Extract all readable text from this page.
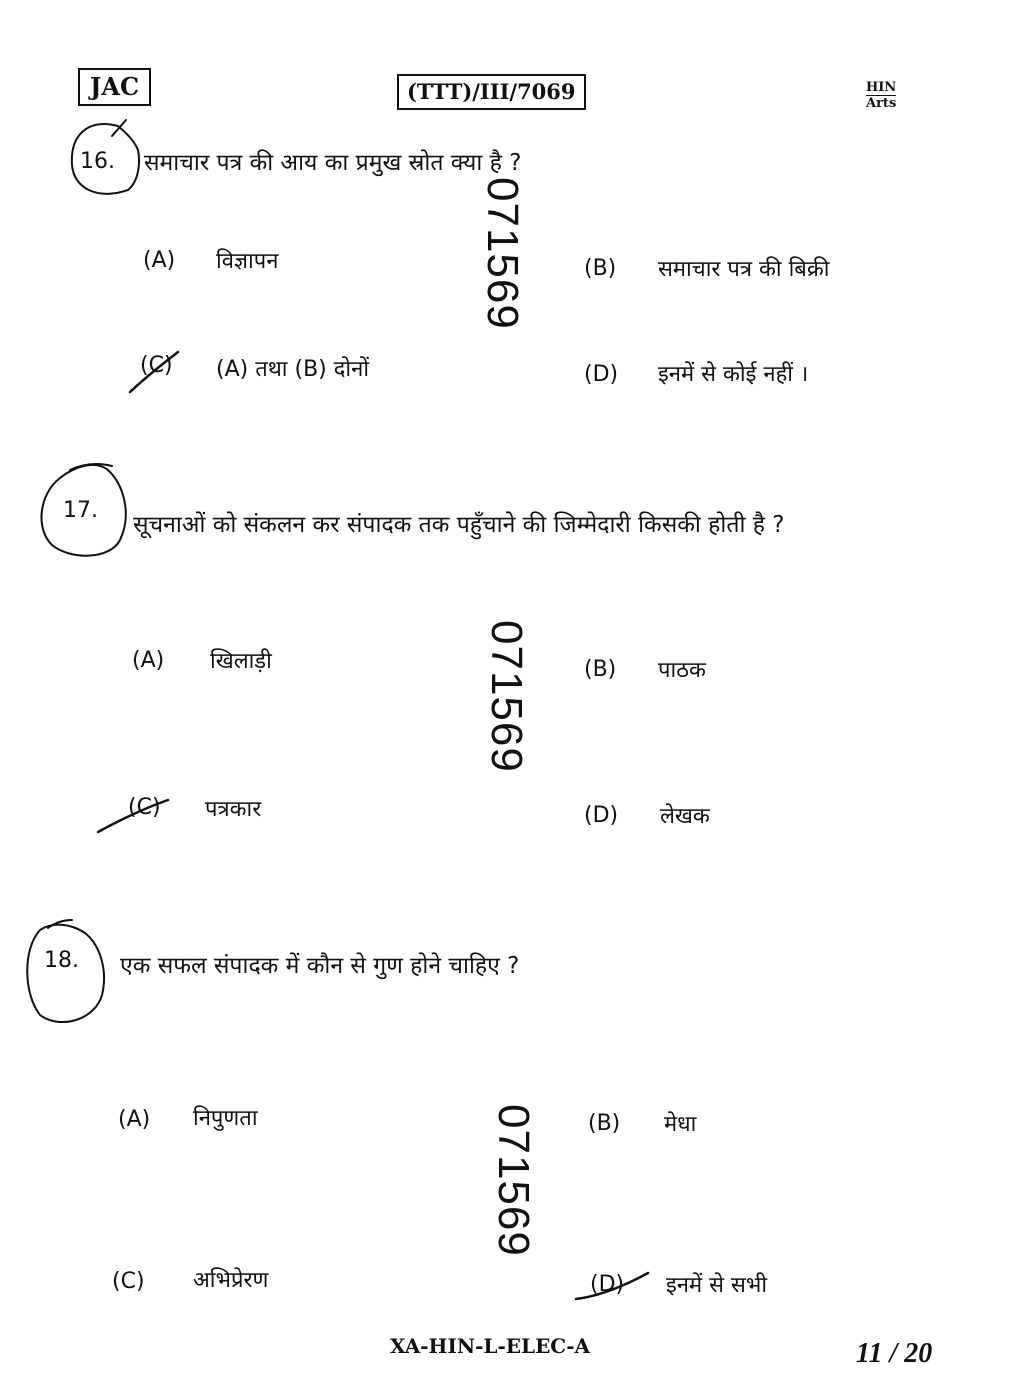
JAC	(TTT)/III/7069	HIN
Arts
16. समाचार पत्र की आय का प्रमुख स्रोत क्या है ?
(A) विज्ञापन	(B) समाचार पत्र की बिक्री
(C) (A) तथा (B) दोनों	(D) इनमें से कोई नहीं ।
071569
17.
सूचनाओं को संकलन कर संपादक तक पहुँचाने की जिम्मेदारी किसकी होती है ?
(A) खिलाड़ी	(B) पाठक
(C) पत्रकार	(D) लेखक
071569
18. एक सफल संपादक में कौन से गुण होने चाहिए ?
(A) निपुणता	(B) मेधा
(C) अभिप्रेरण	(D) इनमें से सभी
071569
XA-HIN-L-ELEC-A	11 / 20
